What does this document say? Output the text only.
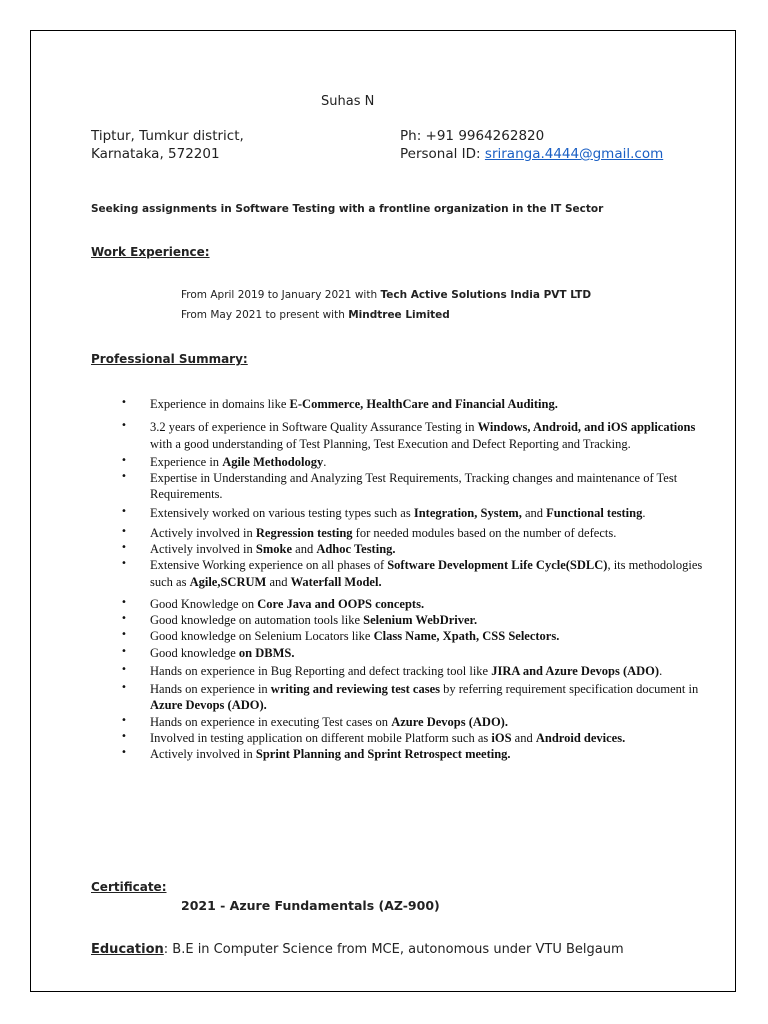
Suhas N
Tiptur, Tumkur district,
Karnataka, 572201
Ph: +91 9964262820
Personal ID: sriranga.4444@gmail.com
Seeking assignments in Software Testing with a frontline organization in the IT Sector
Work Experience:
From April 2019 to January 2021 with Tech Active Solutions India PVT LTD
From May 2021 to present with Mindtree Limited
Professional Summary:
• Experience in domains like E-Commerce, HealthCare and Financial Auditing.
• 3.2 years of experience in Software Quality Assurance Testing in Windows, Android, and iOS applications with a good understanding of Test Planning, Test Execution and Defect Reporting and Tracking.
• Experience in Agile Methodology.
• Expertise in Understanding and Analyzing Test Requirements, Tracking changes and maintenance of Test Requirements.
• Extensively worked on various testing types such as Integration, System, and Functional testing.
• Actively involved in Regression testing for needed modules based on the number of defects.
• Actively involved in Smoke and Adhoc Testing.
• Extensive Working experience on all phases of Software Development Life Cycle(SDLC), its methodologies such as Agile,SCRUM and Waterfall Model.
• Good Knowledge on Core Java and OOPS concepts.
• Good knowledge on automation tools like Selenium WebDriver.
• Good knowledge on Selenium Locators like Class Name, Xpath, CSS Selectors.
• Good knowledge on DBMS.
• Hands on experience in Bug Reporting and defect tracking tool like JIRA and Azure Devops (ADO).
• Hands on experience in writing and reviewing test cases by referring requirement specification document in Azure Devops (ADO).
• Hands on experience in executing Test cases on Azure Devops (ADO).
• Involved in testing application on different mobile Platform such as iOS and Android devices.
• Actively involved in Sprint Planning and Sprint Retrospect meeting.
Certificate:
2021 - Azure Fundamentals (AZ-900)
Education: B.E in Computer Science from MCE, autonomous under VTU Belgaum
